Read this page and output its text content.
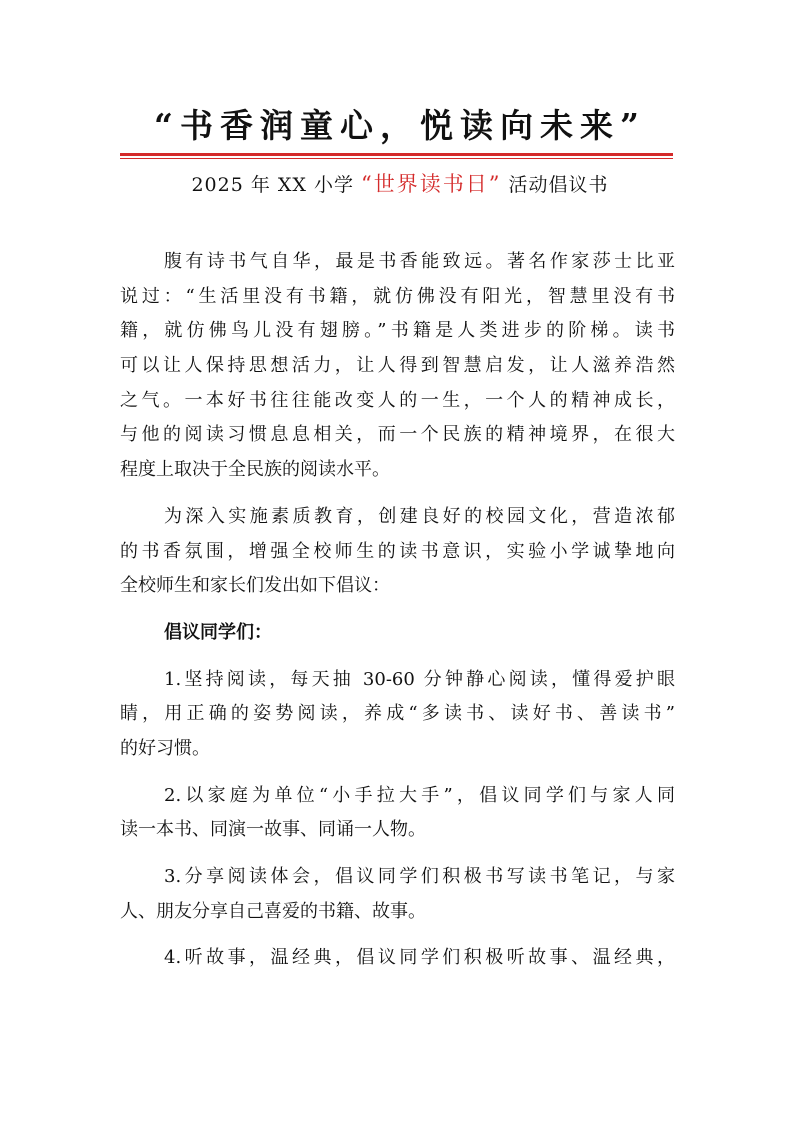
“书香润童心，悦读向未来”
2025 年 XX 小学 “世界读书日” 活动倡议书
腹有诗书气自华，最是书香能致远。著名作家莎士比亚
说过：“生活里没有书籍，就仿佛没有阳光，智慧里没有书
籍，就仿佛鸟儿没有翅膀。”书籍是人类进步的阶梯。读书
可以让人保持思想活力，让人得到智慧启发，让人滋养浩然
之气。一本好书往往能改变人的一生，一个人的精神成长，
与他的阅读习惯息息相关，而一个民族的精神境界，在很大
程度上取决于全民族的阅读水平。
为深入实施素质教育，创建良好的校园文化，营造浓郁
的书香氛围，增强全校师生的读书意识，实验小学诚挚地向
全校师生和家长们发出如下倡议：
倡议同学们：
1.坚持阅读，每天抽 30-60 分钟静心阅读，懂得爱护眼
睛，用正确的姿势阅读，养成“多读书、读好书、善读书”
的好习惯。
2.以家庭为单位“小手拉大手”，倡议同学们与家人同
读一本书、同演一故事、同诵一人物。
3.分享阅读体会，倡议同学们积极书写读书笔记，与家
人、朋友分享自己喜爱的书籍、故事。
4.听故事，温经典，倡议同学们积极听故事、温经典，
